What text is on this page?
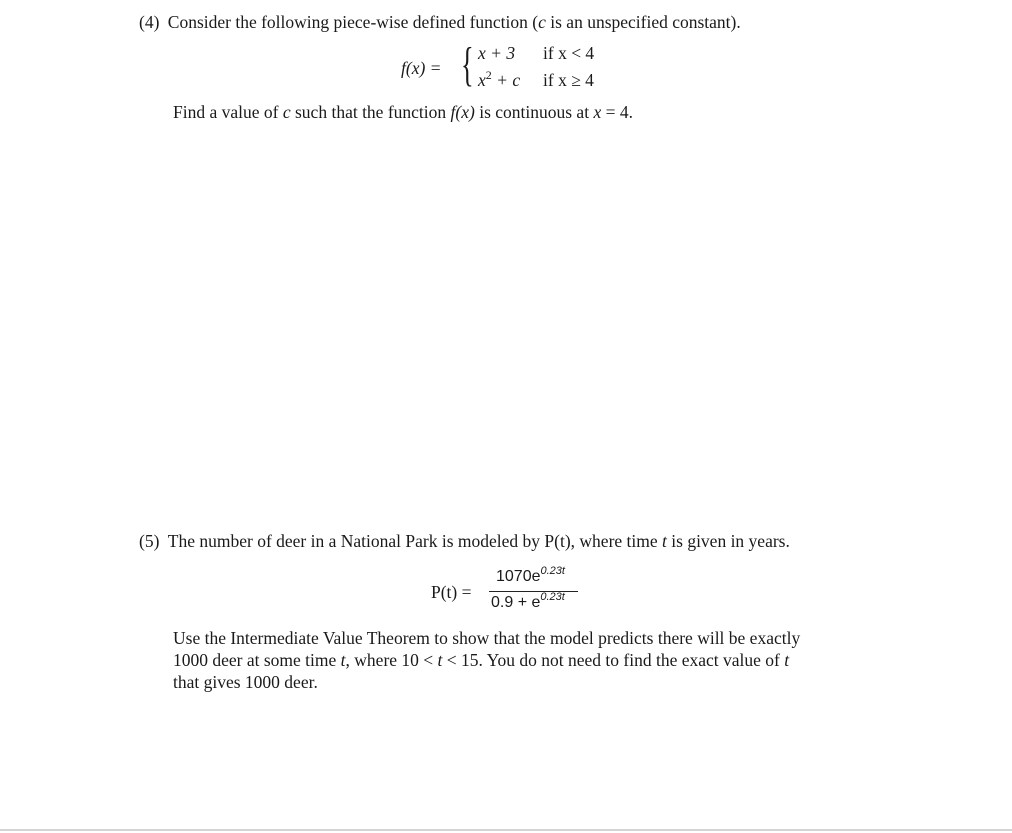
(4) Consider the following piece-wise defined function (c is an unspecified constant).
f(x) = { x + 3 if x < 4
$x^2 + c$ if x ≥ 4
Find a value of c such that the function f(x) is continuous at x = 4.
(5) The number of deer in a National Park is modeled by P(t), where time t is given in years.
P(t) =
$1070e^{0.23t}$
$0.9 + e^{0.23t}$
Use the Intermediate Value Theorem to show that the model predicts there will be exactly
1000 deer at some time t, where 10 < t < 15. You do not need to find the exact value of t
that gives 1000 deer.
